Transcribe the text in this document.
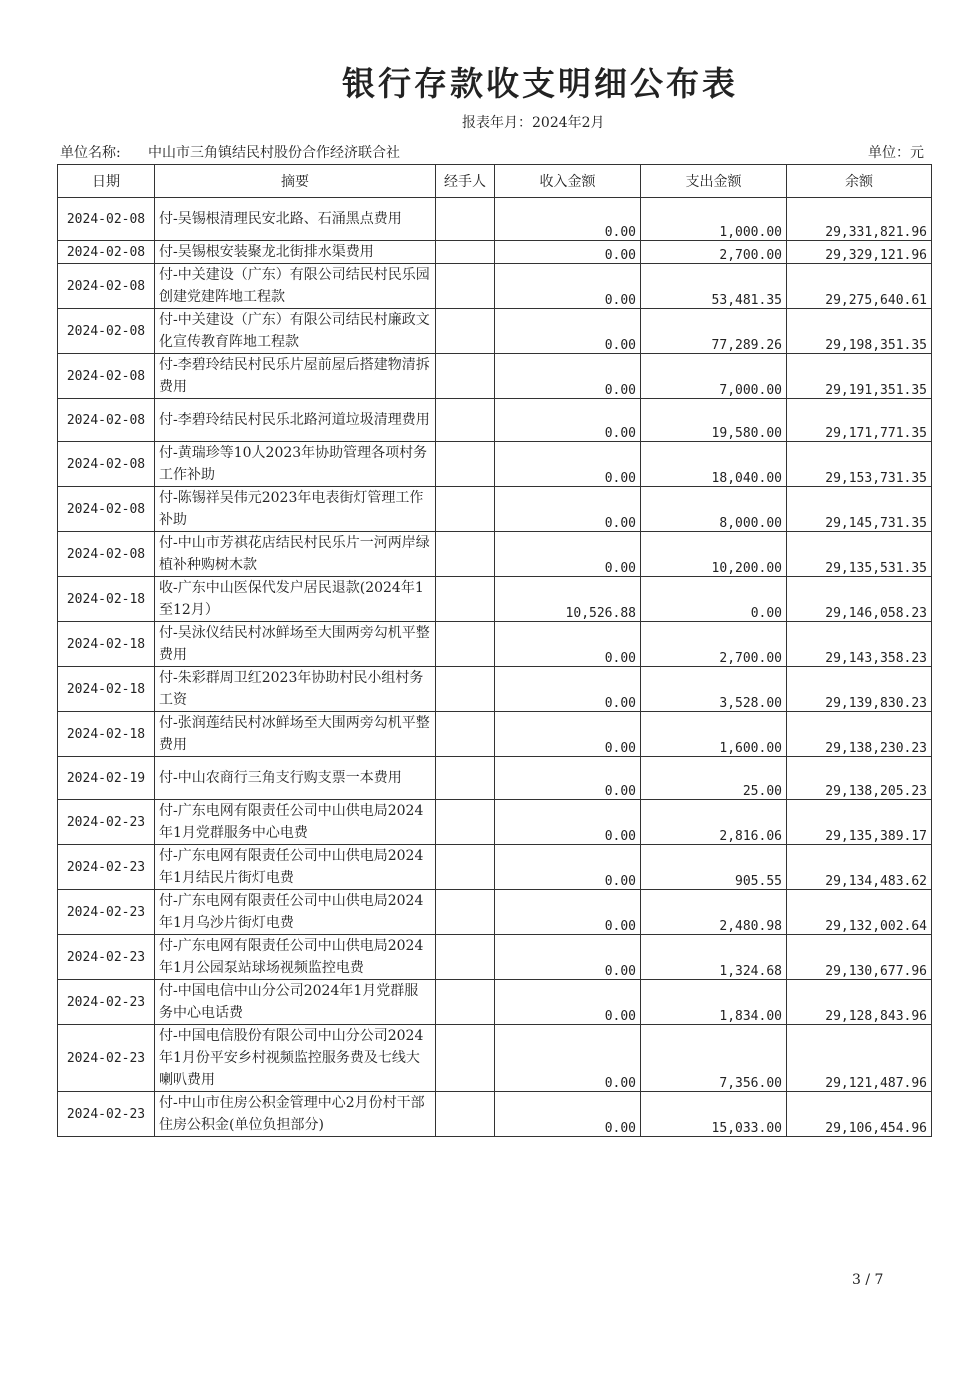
银行存款收支明细公布表
报表年月：2024年2月
单位名称: 中山市三角镇结民村股份合作经济联合社	单位：元
日期	摘要	经手人	收入金额	支出金额	余额
2024-02-08	付-吴锡根清理民安北路、石涌黑点费用		0.00	1,000.00	29,331,821.96
2024-02-08	付-吴锡根安装聚龙北街排水渠费用		0.00	2,700.00	29,329,121.96
2024-02-08	付-中关建设（广东）有限公司结民村民乐园创建党建阵地工程款		0.00	53,481.35	29,275,640.61
2024-02-08	付-中关建设（广东）有限公司结民村廉政文化宣传教育阵地工程款		0.00	77,289.26	29,198,351.35
2024-02-08	付-李碧玲结民村民乐片屋前屋后搭建物清拆费用		0.00	7,000.00	29,191,351.35
2024-02-08	付-李碧玲结民村民乐北路河道垃圾清理费用		0.00	19,580.00	29,171,771.35
2024-02-08	付-黄瑞珍等10人2023年协助管理各项村务工作补助		0.00	18,040.00	29,153,731.35
2024-02-08	付-陈锡祥吴伟元2023年电表街灯管理工作补助		0.00	8,000.00	29,145,731.35
2024-02-08	付-中山市芳祺花店结民村民乐片一河两岸绿植补种购树木款		0.00	10,200.00	29,135,531.35
2024-02-18	收-广东中山医保代发户居民退款(2024年1至12月）		10,526.88	0.00	29,146,058.23
2024-02-18	付-吴泳仪结民村冰鲜场至大围两旁勾机平整费用		0.00	2,700.00	29,143,358.23
2024-02-18	付-朱彩群周卫红2023年协助村民小组村务工资		0.00	3,528.00	29,139,830.23
2024-02-18	付-张润莲结民村冰鲜场至大围两旁勾机平整费用		0.00	1,600.00	29,138,230.23
2024-02-19	付-中山农商行三角支行购支票一本费用		0.00	25.00	29,138,205.23
2024-02-23	付-广东电网有限责任公司中山供电局2024年1月党群服务中心电费		0.00	2,816.06	29,135,389.17
2024-02-23	付-广东电网有限责任公司中山供电局2024年1月结民片街灯电费		0.00	905.55	29,134,483.62
2024-02-23	付-广东电网有限责任公司中山供电局2024年1月乌沙片街灯电费		0.00	2,480.98	29,132,002.64
2024-02-23	付-广东电网有限责任公司中山供电局2024年1月公园泵站球场视频监控电费		0.00	1,324.68	29,130,677.96
2024-02-23	付-中国电信中山分公司2024年1月党群服务中心电话费		0.00	1,834.00	29,128,843.96
2024-02-23	付-中国电信股份有限公司中山分公司2024年1月份平安乡村视频监控服务费及七线大喇叭费用		0.00	7,356.00	29,121,487.96
2024-02-23	付-中山市住房公积金管理中心2月份村干部住房公积金(单位负担部分)		0.00	15,033.00	29,106,454.96
3 / 7
